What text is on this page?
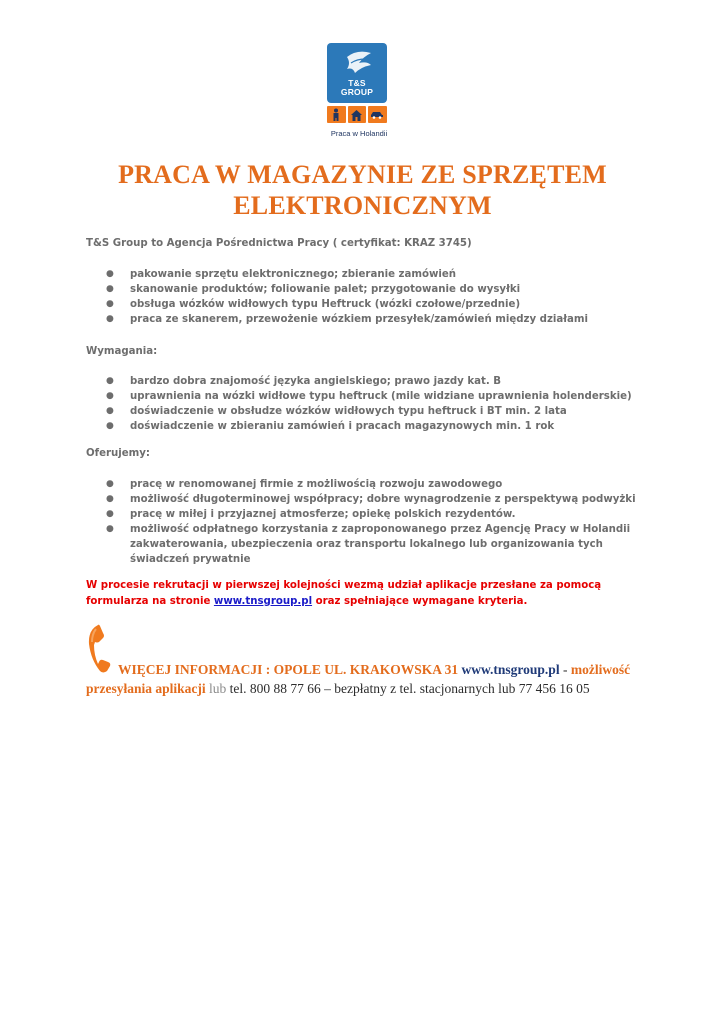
T&S
GROUP
Praca w Holandii
PRACA W MAGAZYNIE ZE SPRZĘTEM ELEKTRONICZNYM

T&S Group to Agencja Pośrednictwa Pracy ( certyfikat: KRAZ 3745)

● pakowanie sprzętu elektronicznego; zbieranie zamówień
● skanowanie produktów; foliowanie palet; przygotowanie do wysyłki
● obsługa wózków widłowych typu Heftruck (wózki czołowe/przednie)
● praca ze skanerem, przewożenie wózkiem przesyłek/zamówień między działami

Wymagania:

● bardzo dobra znajomość języka angielskiego; prawo jazdy kat. B
● uprawnienia na wózki widłowe typu heftruck (mile widziane uprawnienia holenderskie)
● doświadczenie w obsłudze wózków widłowych typu heftruck i BT min. 2 lata
● doświadczenie w zbieraniu zamówień i pracach magazynowych min. 1 rok

Oferujemy:

● pracę w renomowanej firmie z możliwością rozwoju zawodowego
● możliwość długoterminowej współpracy; dobre wynagrodzenie z perspektywą podwyżki
● pracę w miłej i przyjaznej atmosferze; opiekę polskich rezydentów.
● możliwość odpłatnego korzystania z zaproponowanego przez Agencję Pracy w Holandii
zakwaterowania, ubezpieczenia oraz transportu lokalnego lub organizowania tych
świadczeń prywatnie

W procesie rekrutacji w pierwszej kolejności wezmą udział aplikacje przesłane za pomocą
formularza na stronie www.tnsgroup.pl oraz spełniające wymagane kryteria.

WIĘCEJ INFORMACJI : OPOLE UL. KRAKOWSKA 31 www.tnsgroup.pl - możliwość
przesyłania aplikacji lub tel. 800 88 77 66 – bezpłatny z tel. stacjonarnych lub 77 456 16 05
